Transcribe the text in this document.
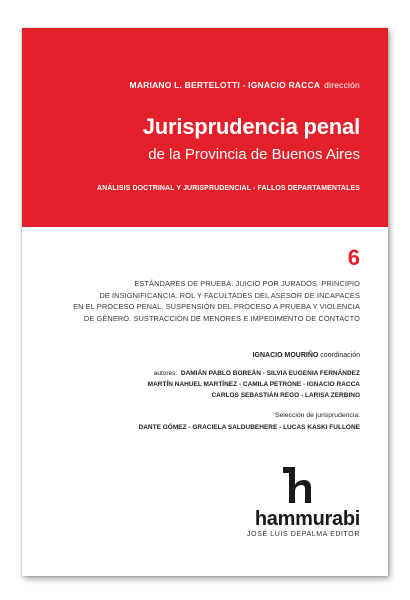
MARIANO L. BERTELOTTI - IGNACIO RACCA dirección
Jurisprudencia penal
de la Provincia de Buenos Aires
ANÁLISIS DOCTRINAL Y JURISPRUDENCIAL - FALLOS DEPARTAMENTALES
6
ESTÁNDARES DE PRUEBA. JUICIO POR JURADOS. PRINCIPIO
DE INSIGNIFICANCIA. ROL Y FACULTADES DEL ASESOR DE INCAPACES
EN EL PROCESO PENAL. SUSPENSIÓN DEL PROCESO A PRUEBA Y VIOLENCIA
DE GÉNERO. SUSTRACCIÓN DE MENORES E IMPEDIMENTO DE CONTACTO
IGNACIO MOURIÑO coordinación
autores: DAMIÁN PABLO BOREÁN - SILVIA EUGENIA FERNÁNDEZ
MARTÍN NAHUEL MARTÍNEZ - CAMILA PETRONE - IGNACIO RACCA
CARLOS SEBASTIÁN REGO - LARISA ZERBINO
Selección de jurisprudencia:
DANTE GÓMEZ - GRACIELA SALDUBEHERE - LUCAS KASKI FULLONE
hammurabi
JOSÉ LUIS DEPALMA EDITOR
